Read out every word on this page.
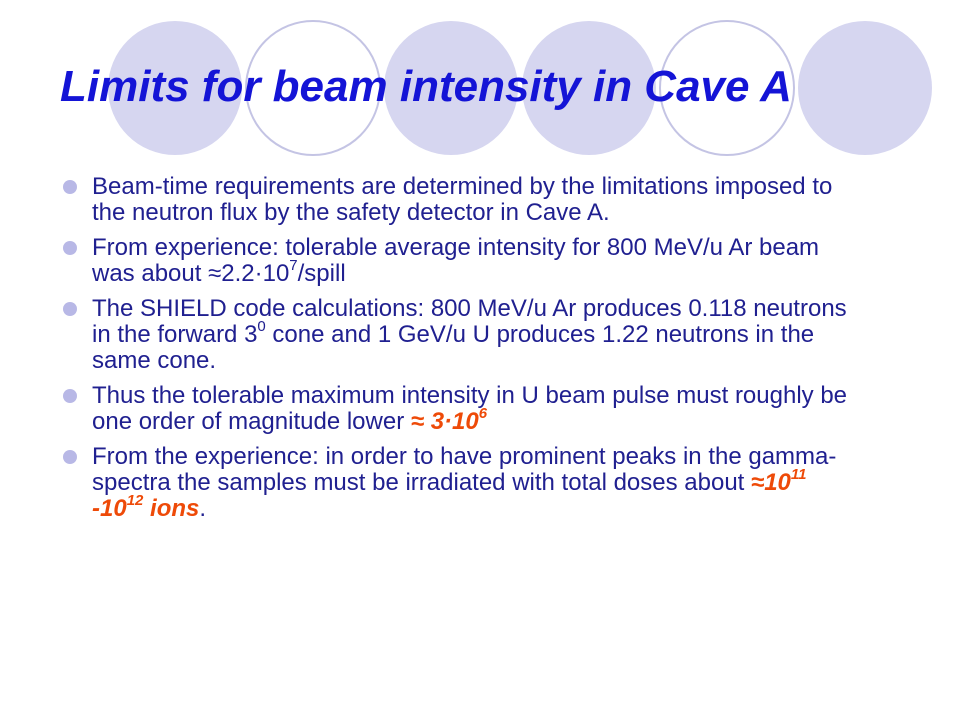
Limits for beam intensity in Cave A
Beam-time requirements are determined by the limitations imposed to the neutron flux by the safety detector in Cave A.
From experience: tolerable average intensity for 800 MeV/u Ar beam was about $\approx 2.2\cdot 10^7$/spill
The SHIELD code calculations: 800 MeV/u Ar produces 0.118 neutrons in the forward $3^0$ cone and 1 GeV/u U produces 1.22 neutrons in the same cone.
Thus the tolerable maximum intensity in U beam pulse must roughly be one order of magnitude lower ≈ $3\cdot 10^6$
From the experience: in order to have prominent peaks in the gamma-spectra the samples must be irradiated with total doses about $\approx 10^{11}$ $-10^{12}$ ions.
